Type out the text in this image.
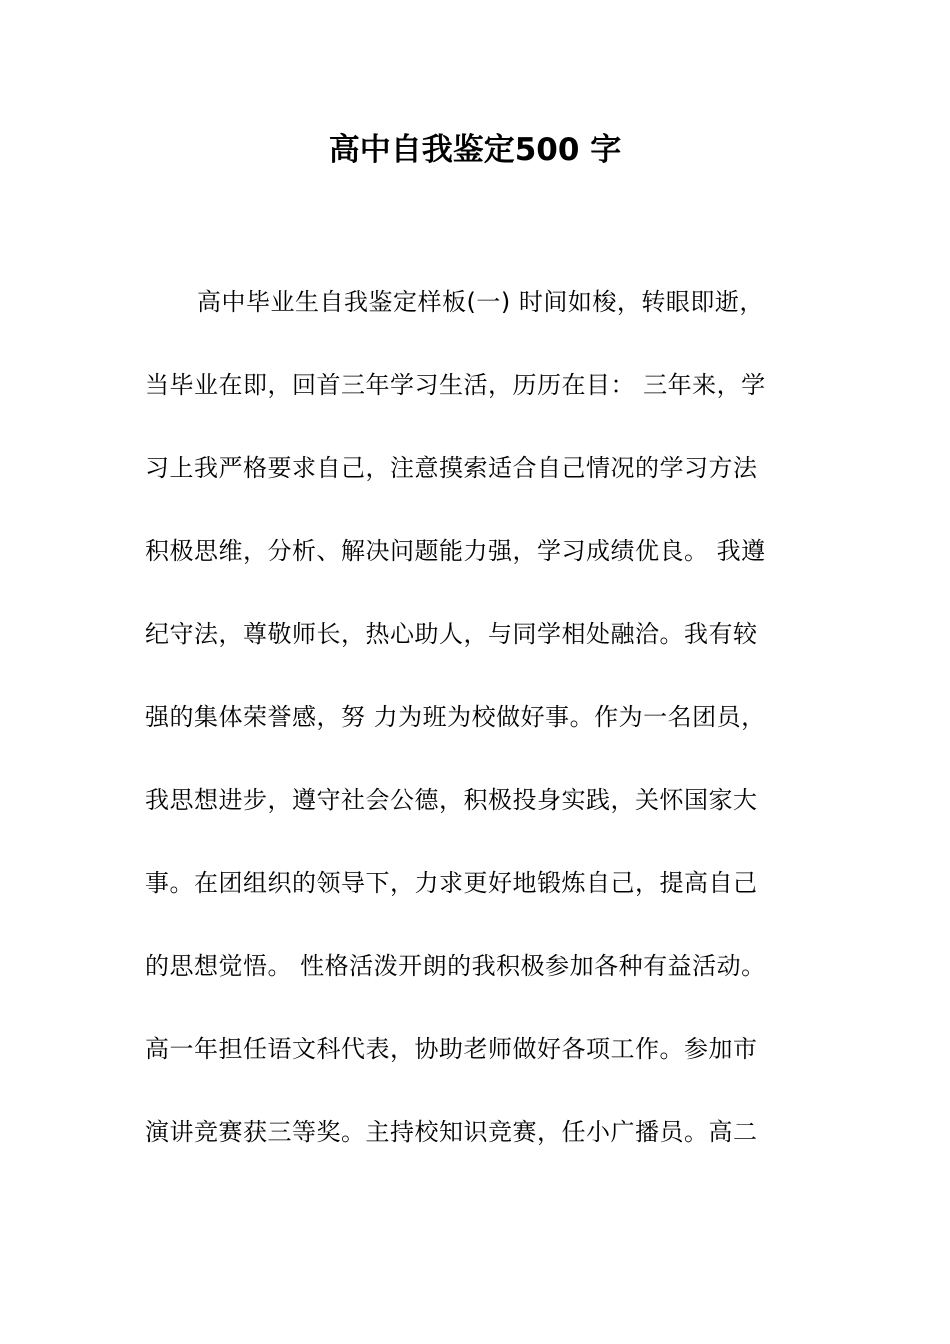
高中自我鉴定500 字
高中毕业生自我鉴定样板(一) 时间如梭，转眼即逝，
当毕业在即，回首三年学习生活，历历在目： 三年来，学
习上我严格要求自己，注意摸索适合自己情况的学习方法
积极思维，分析、解决问题能力强，学习成绩优良。 我遵
纪守法，尊敬师长，热心助人，与同学相处融洽。我有较
强的集体荣誉感，努 力为班为校做好事。作为一名团员，
我思想进步，遵守社会公德，积极投身实践，关怀国家大
事。在团组织的领导下，力求更好地锻炼自己，提高自己
的思想觉悟。 性格活泼开朗的我积极参加各种有益活动。
高一年担任语文科代表，协助老师做好各项工作。参加市
演讲竞赛获三等奖。主持校知识竞赛，任小广播员。高二
